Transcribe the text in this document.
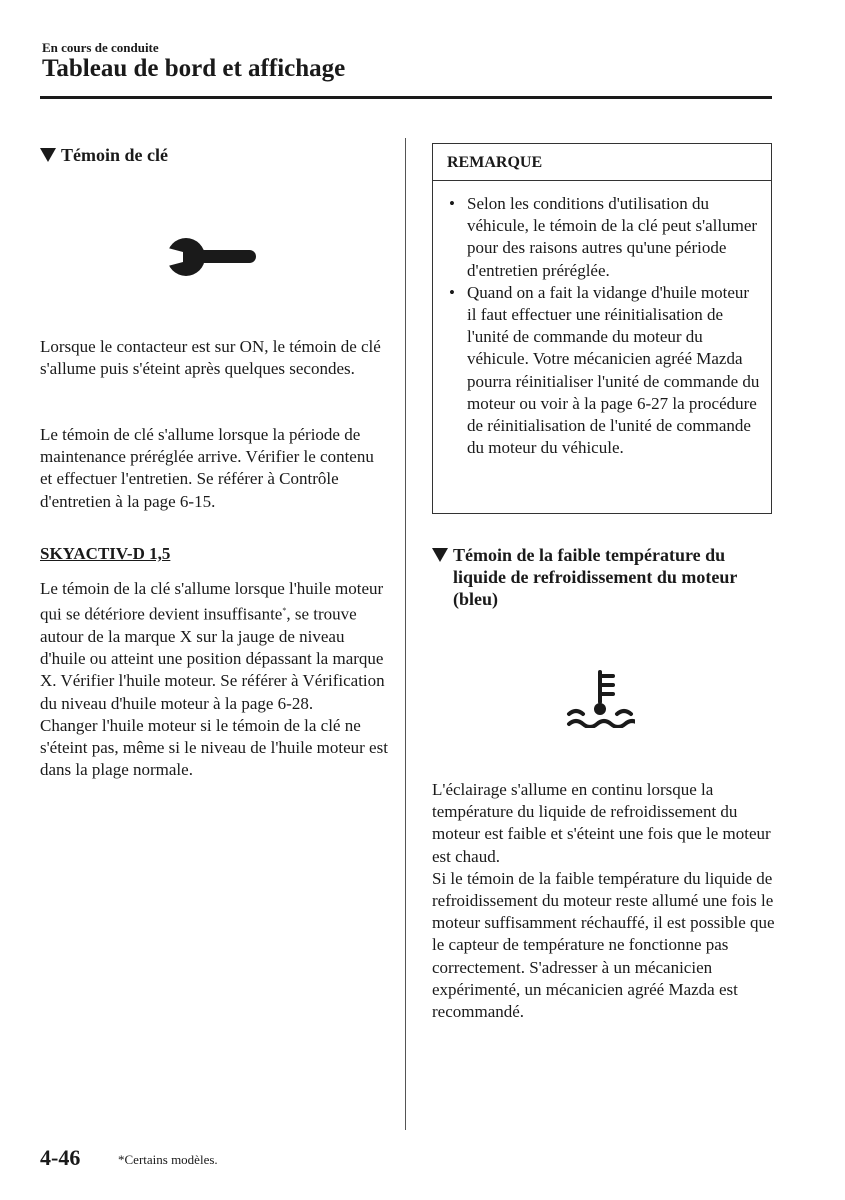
En cours de conduite
Tableau de bord et affichage
Témoin de clé

Lorsque le contacteur est sur ON, le témoin de clé s'allume puis s'éteint après quelques secondes.

Le témoin de clé s'allume lorsque la période de maintenance préréglée arrive. Vérifier le contenu et effectuer l'entretien. Se référer à Contrôle d'entretien à la page 6-15.

SKYACTIV-D 1,5

Le témoin de la clé s'allume lorsque l'huile moteur qui se détériore devient insuffisante*, se trouve autour de la marque X sur la jauge de niveau d'huile ou atteint une position dépassant la marque X. Vérifier l'huile moteur. Se référer à Vérification du niveau d'huile moteur à la page 6-28.

Changer l'huile moteur si le témoin de la clé ne s'éteint pas, même si le niveau de l'huile moteur est dans la plage normale.

REMARQUE
• Selon les conditions d'utilisation du véhicule, le témoin de la clé peut s'allumer pour des raisons autres qu'une période d'entretien préréglée.
• Quand on a fait la vidange d'huile moteur il faut effectuer une réinitialisation de l'unité de commande du moteur du véhicule. Votre mécanicien agréé Mazda pourra réinitialiser l'unité de commande du moteur ou voir à la page 6-27 la procédure de réinitialisation de l'unité de commande du moteur du véhicule.
Témoin de la faible température du liquide de refroidissement du moteur (bleu)

L'éclairage s'allume en continu lorsque la température du liquide de refroidissement du moteur est faible et s'éteint une fois que le moteur est chaud.

Si le témoin de la faible température du liquide de refroidissement du moteur reste allumé une fois le moteur suffisamment réchauffé, il est possible que le capteur de température ne fonctionne pas correctement. S'adresser à un mécanicien expérimenté, un mécanicien agréé Mazda est recommandé.

4-46	*Certains modèles.
